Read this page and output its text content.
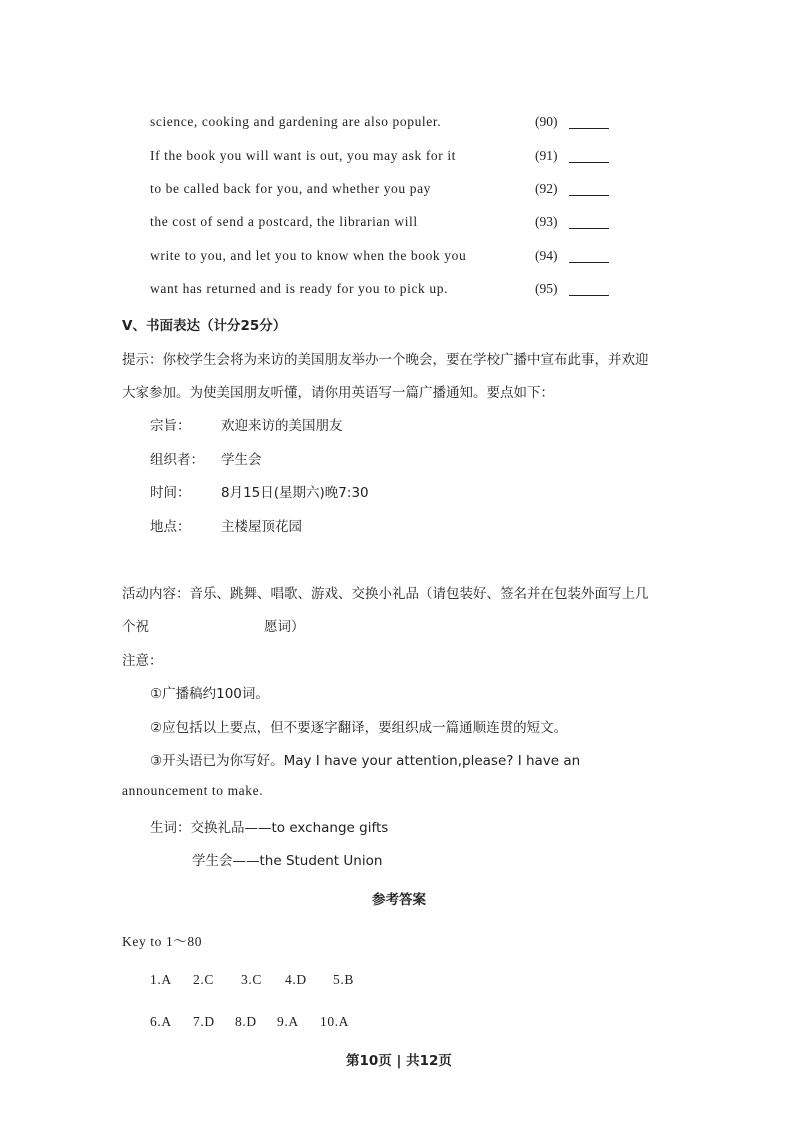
science, cooking and gardening are also populer.	(90)
If the book you will want is out, you may ask for it	(91)
to be called back for you, and whether you pay	(92)
the cost of send a postcard, the librarian will	(93)
write to you, and let you to know when the book you	(94)
want has returned and is ready for you to pick up.	(95)
V、书面表达（计分25分）
提示：你校学生会将为来访的美国朋友举办一个晚会，要在学校广播中宣布此事，并欢迎
大家参加。为使美国朋友听懂，请你用英语写一篇广播通知。要点如下：
宗旨： 欢迎来访的美国朋友
组织者： 学生会
时间： 8月15日(星期六)晚7:30
地点： 主楼屋顶花园
活动内容：音乐、跳舞、唱歌、游戏、交换小礼品（请包装好、签名并在包装外面写上几
个祝	愿词）
注意：
①广播稿约100词。
②应包括以上要点，但不要逐字翻译，要组织成一篇通顺连贯的短文。
③开头语已为你写好。May I have your attention,please? I have an
announcement to make.
生词：交换礼品——to exchange gifts
学生会——the Student Union
参考答案
Key to 1～80
1.A 2.C 3.C 4.D 5.B
6.A 7.D 8.D 9.A 10.A
第10页 | 共12页
